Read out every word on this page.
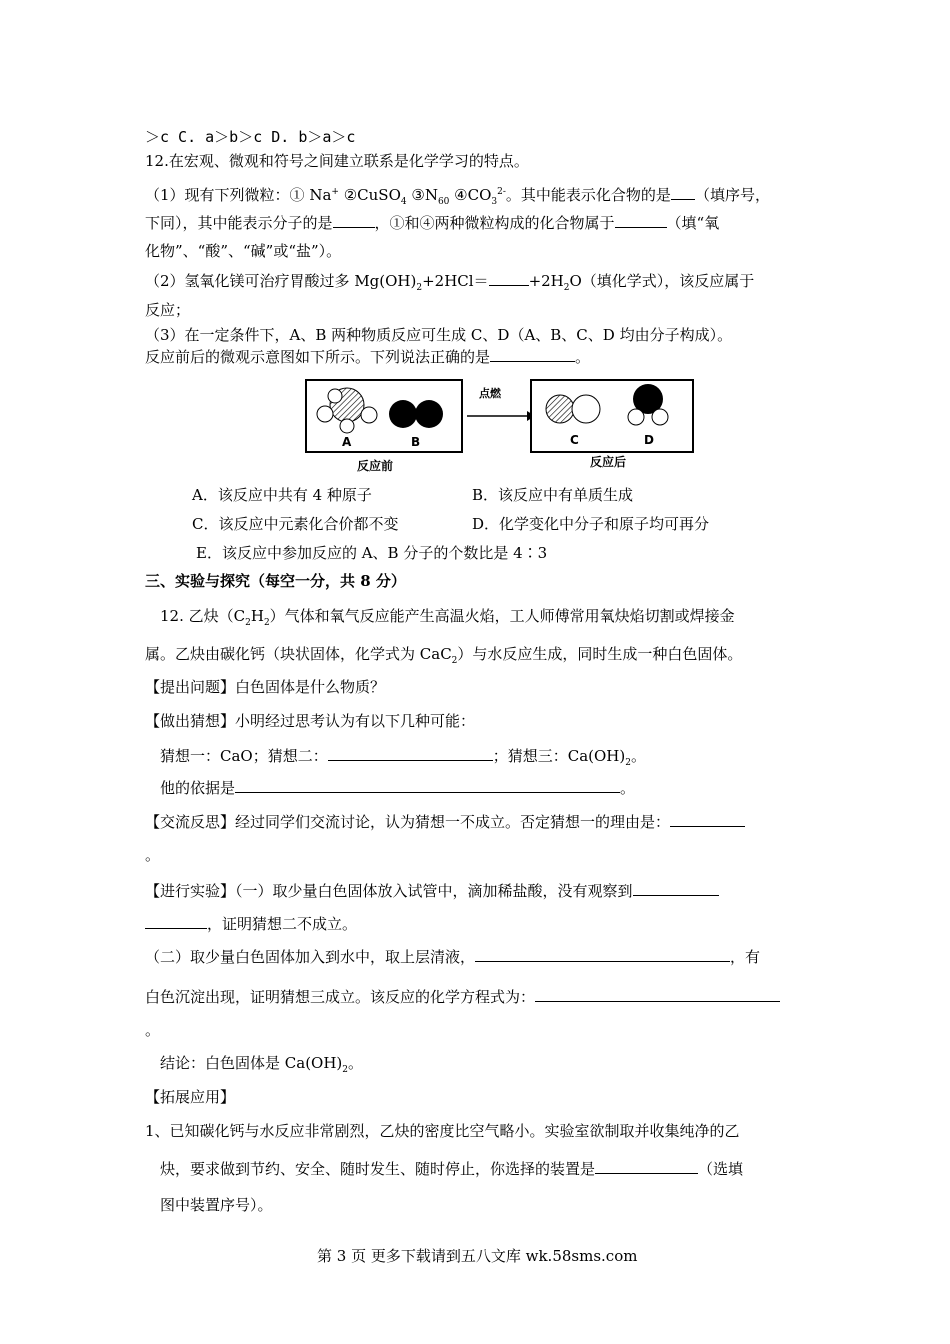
＞c C. a＞b＞c D. b＞a＞c
12.在宏观、微观和符号之间建立联系是化学学习的特点。
（1）现有下列微粒：① Na+ ②CuSO$_4$ $③N_{60}$ $④CO_3^{2-}$。其中能表示化合物的是 （填序号，
下同），其中能表示分子的是	，①和④两种微粒构成的化合物属于	（填“氧
化物”、“酸”、“碱”或“盐”）。
（2）氢氧化镁可治疗胃酸过多 $Mg(OH)_2+2HCl=$	$+2H_2O$（填化学式），该反应属于
反应；
（3）在一定条件下，A、B 两种物质反应可生成 C、D（A、B、C、D 均由分子构成）。
反应前后的微观示意图如下所示。下列说法正确的是	。
A	B
反应前
点燃
C	D
反应后
A．该反应中共有 4 种原子	B．该反应中有单质生成
C．该反应中元素化合价都不变	D．化学变化中分子和原子均可再分
E．该反应中参加反应的 A、B 分子的个数比是 4∶3
三、实验与探究（每空一分，共 8 分）
12. 乙炔$(C_2H_2)$气体和氧气反应能产生高温火焰，工人师傅常用氧炔焰切割或焊接金
属。乙炔由碳化钙（块状固体，化学式为 CaC$_2$）与水反应生成，同时生成一种白色固体。
【提出问题】白色固体是什么物质？
【做出猜想】小明经过思考认为有以下几种可能：
猜想一：CaO；猜想二：	；猜想三：$Ca(OH)_2$。
他的依据是	。
【交流反思】经过同学们交流讨论，认为猜想一不成立。否定猜想一的理由是：
。
【进行实验】（一）取少量白色固体放入试管中，滴加稀盐酸，没有观察到
，证明猜想二不成立。
（二）取少量白色固体加入到水中，取上层清液，	，有
白色沉淀出现，证明猜想三成立。该反应的化学方程式为：
。
结论：白色固体是 $Ca(OH)_2$。
【拓展应用】
1、已知碳化钙与水反应非常剧烈，乙炔的密度比空气略小。实验室欲制取并收集纯净的乙
炔，要求做到节约、安全、随时发生、随时停止，你选择的装置是	（选填
图中装置序号）。
第 3 页 更多下载请到五八文库 wk.58sms.com
